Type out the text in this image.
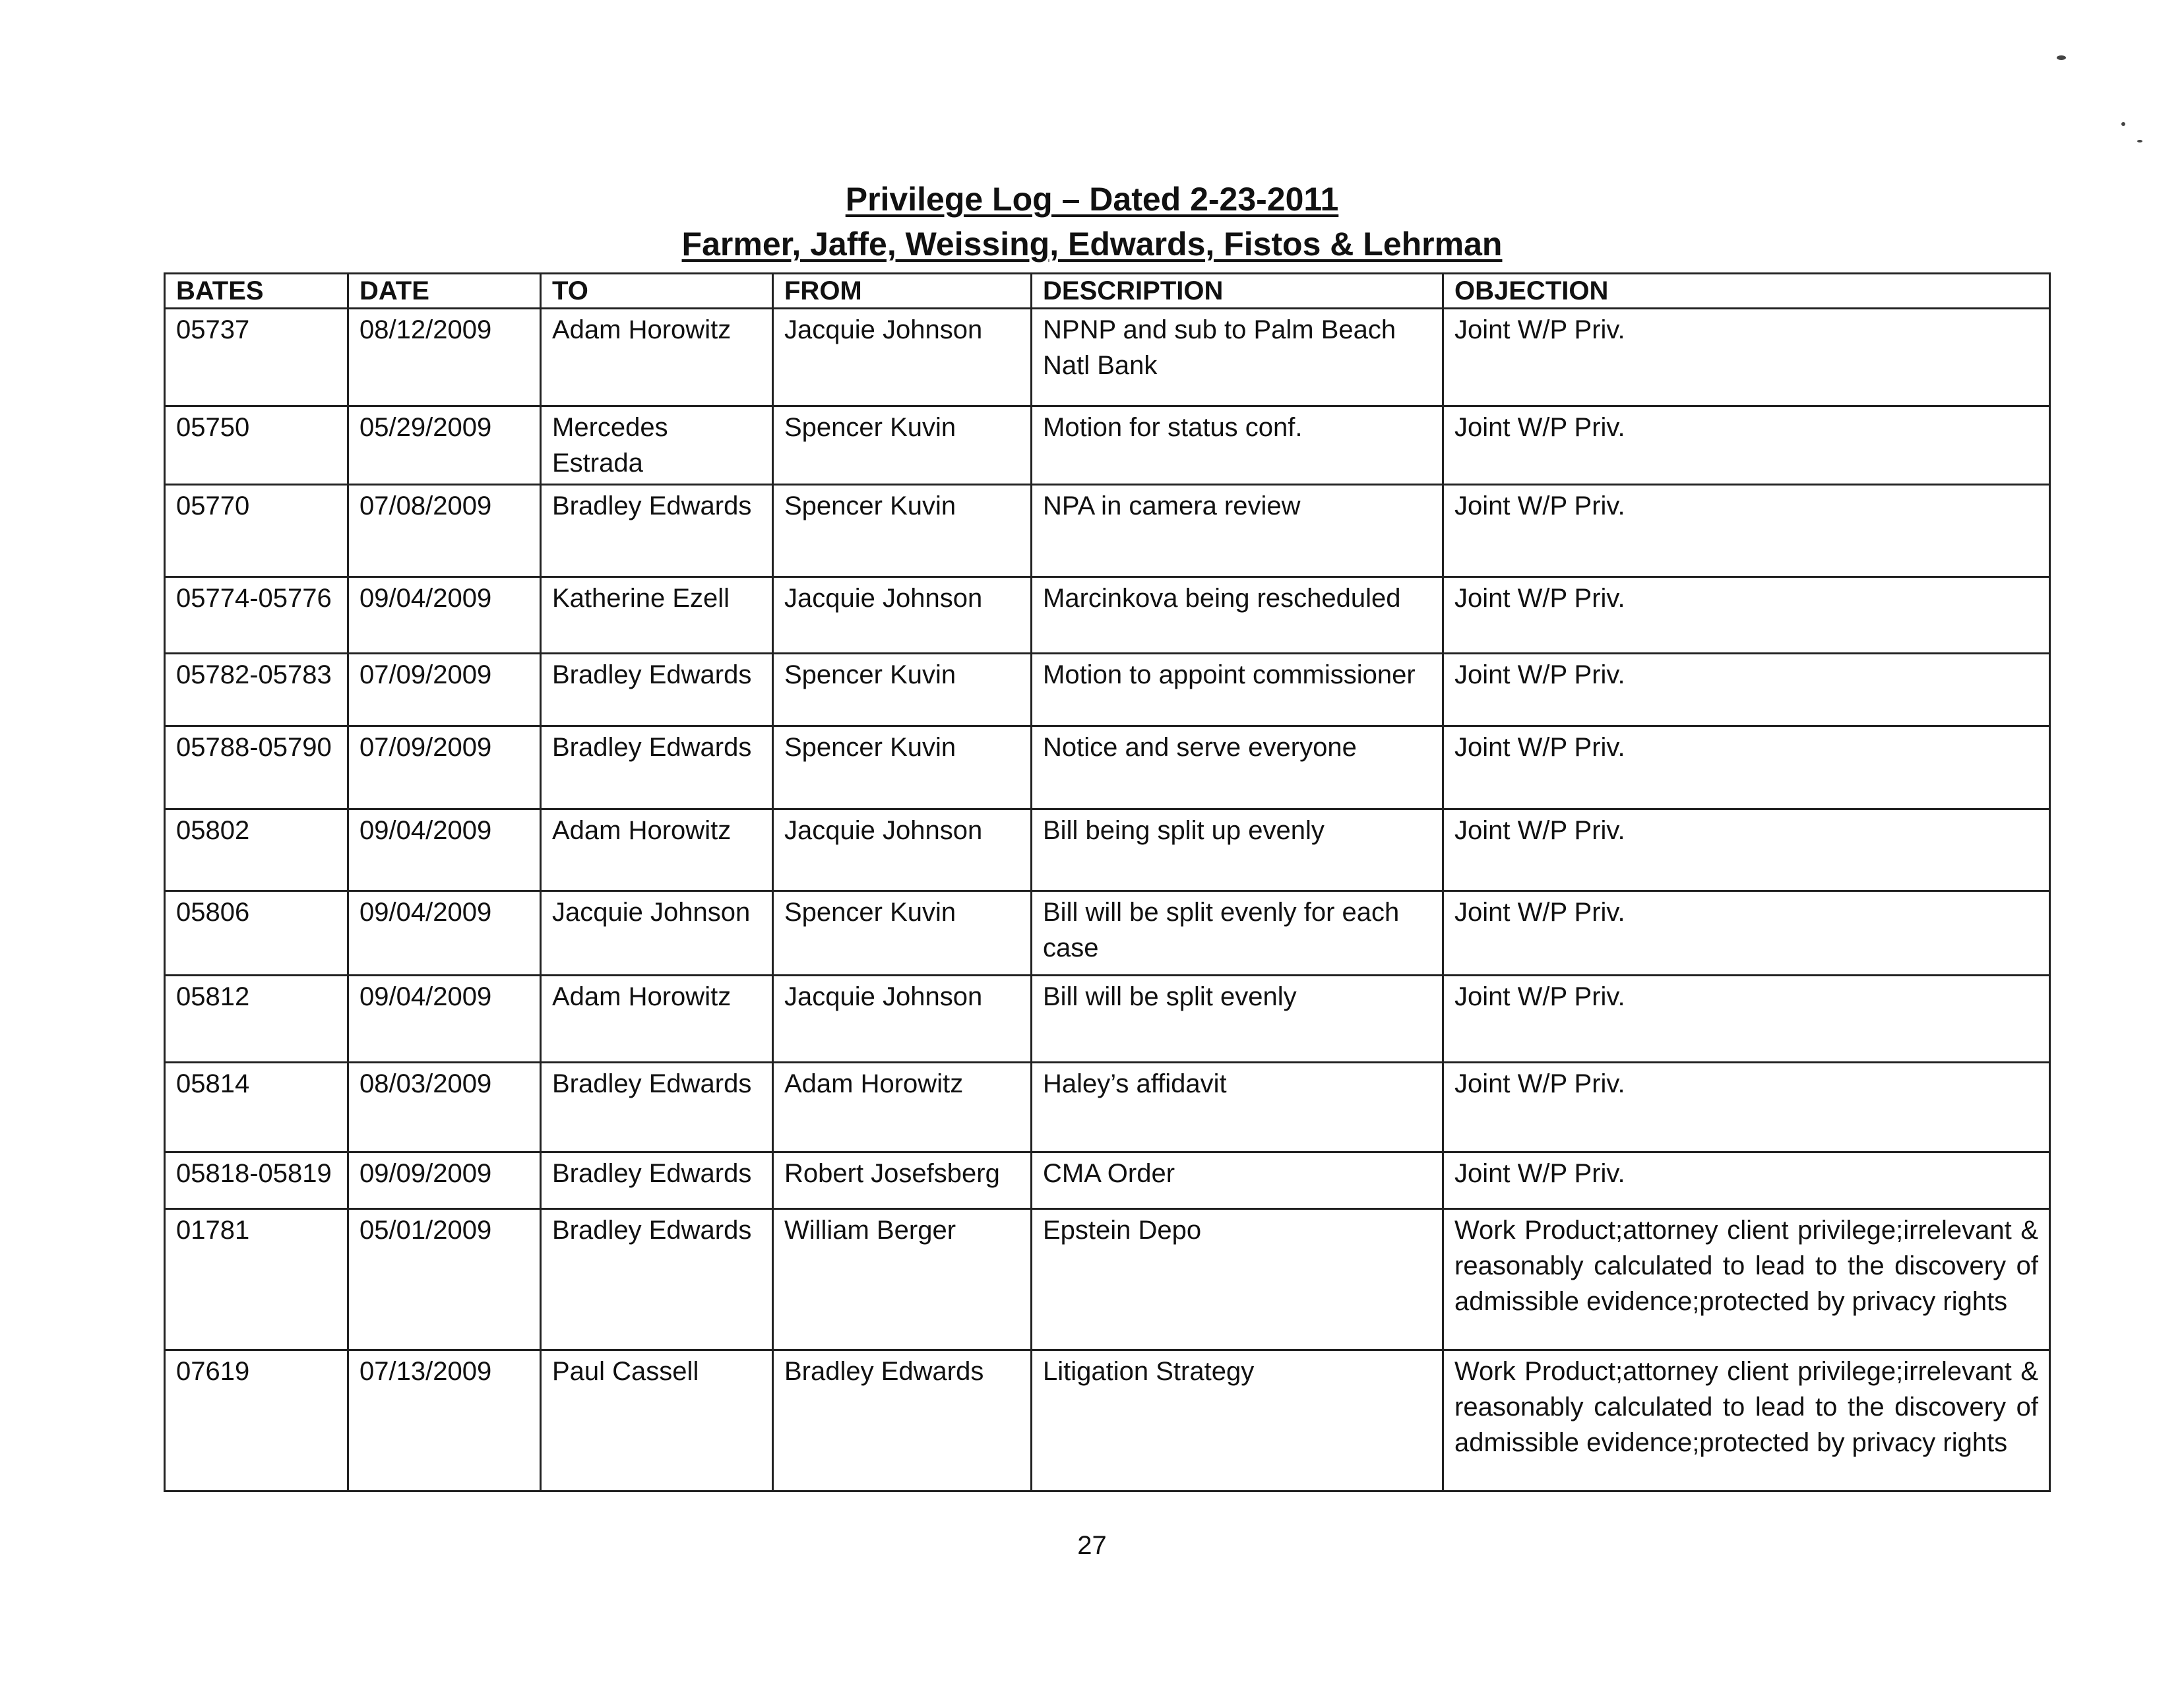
Privilege Log – Dated 2-23-2011
Farmer, Jaffe, Weissing, Edwards, Fistos & Lehrman
BATES	DATE	TO	FROM	DESCRIPTION	OBJECTION
05737	08/12/2009	Adam Horowitz	Jacquie Johnson	NPNP and sub to Palm Beach Natl Bank	Joint W/P Priv.
05750	05/29/2009	Mercedes Estrada	Spencer Kuvin	Motion for status conf.	Joint W/P Priv.
05770	07/08/2009	Bradley Edwards	Spencer Kuvin	NPA in camera review	Joint W/P Priv.
05774-05776	09/04/2009	Katherine Ezell	Jacquie Johnson	Marcinkova being rescheduled	Joint W/P Priv.
05782-05783	07/09/2009	Bradley Edwards	Spencer Kuvin	Motion to appoint commissioner	Joint W/P Priv.
05788-05790	07/09/2009	Bradley Edwards	Spencer Kuvin	Notice and serve everyone	Joint W/P Priv.
05802	09/04/2009	Adam Horowitz	Jacquie Johnson	Bill being split up evenly	Joint W/P Priv.
05806	09/04/2009	Jacquie Johnson	Spencer Kuvin	Bill will be split evenly for each case	Joint W/P Priv.
05812	09/04/2009	Adam Horowitz	Jacquie Johnson	Bill will be split evenly	Joint W/P Priv.
05814	08/03/2009	Bradley Edwards	Adam Horowitz	Haley’s affidavit	Joint W/P Priv.
05818-05819	09/09/2009	Bradley Edwards	Robert Josefsberg	CMA Order	Joint W/P Priv.
01781	05/01/2009	Bradley Edwards	William Berger	Epstein Depo	Work Product;attorney client privilege;irrelevant & reasonably calculated to lead to the discovery of admissible evidence;protected by privacy rights
07619	07/13/2009	Paul Cassell	Bradley Edwards	Litigation Strategy	Work Product;attorney client privilege;irrelevant & reasonably calculated to lead to the discovery of admissible evidence;protected by privacy rights
27
